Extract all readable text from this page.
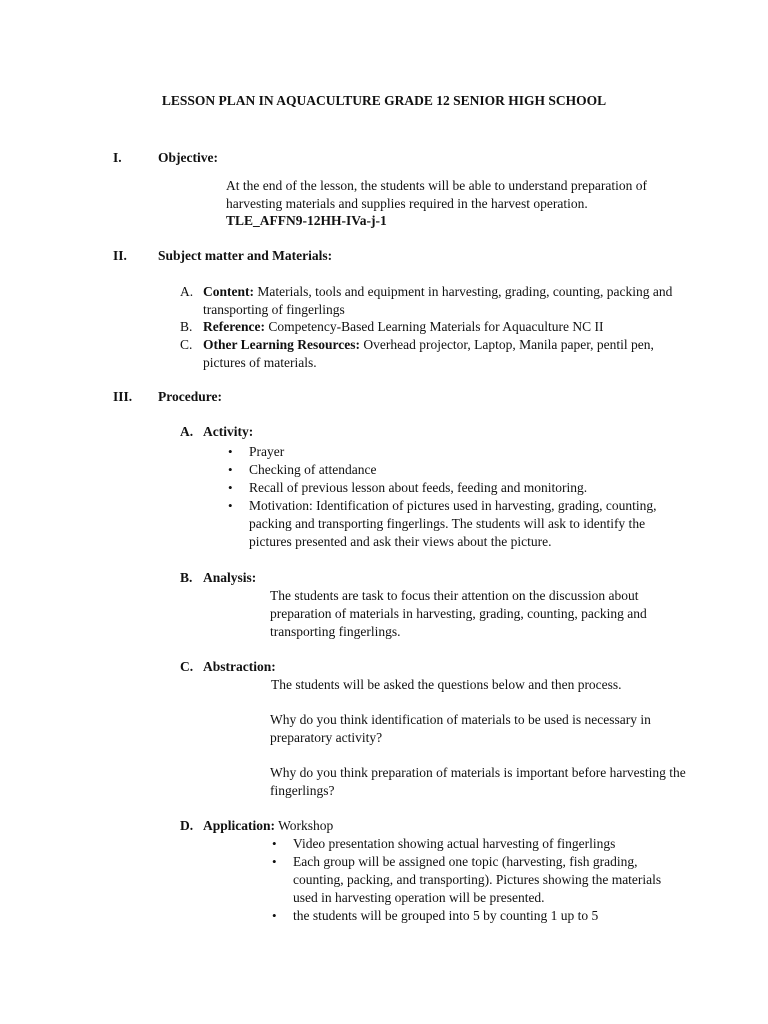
LESSON PLAN IN AQUACULTURE GRADE 12 SENIOR HIGH SCHOOL

I.	Objective:

At the end of the lesson, the students will be able to understand preparation of harvesting materials and supplies required in the harvest operation.

TLE_AFFN9-12HH-IVa-j-1

II. Subject matter and Materials:

A. Content: Materials, tools and equipment in harvesting, grading, counting, packing and transporting of fingerlings

B. Reference: Competency-Based Learning Materials for Aquaculture NC II

C. Other Learning Resources: Overhead projector, Laptop, Manila paper, pentil pen, pictures of materials.

III. Procedure:

A. Activity:

• Prayer
• Checking of attendance
• Recall of previous lesson about feeds, feeding and monitoring.
• Motivation: Identification of pictures used in harvesting, grading, counting, packing and transporting fingerlings. The students will ask to identify the pictures presented and ask their views about the picture.

B. Analysis:

The students are task to focus their attention on the discussion about preparation of materials in harvesting, grading, counting, packing and transporting fingerlings.

C. Abstraction:

The students will be asked the questions below and then process.

Why do you think identification of materials to be used is necessary in preparatory activity?

Why do you think preparation of materials is important before harvesting the fingerlings?

D. Application: Workshop

• Video presentation showing actual harvesting of fingerlings
• Each group will be assigned one topic (harvesting, fish grading, counting, packing, and transporting). Pictures showing the materials used in harvesting operation will be presented.
• the students will be grouped into 5 by counting 1 up to 5
